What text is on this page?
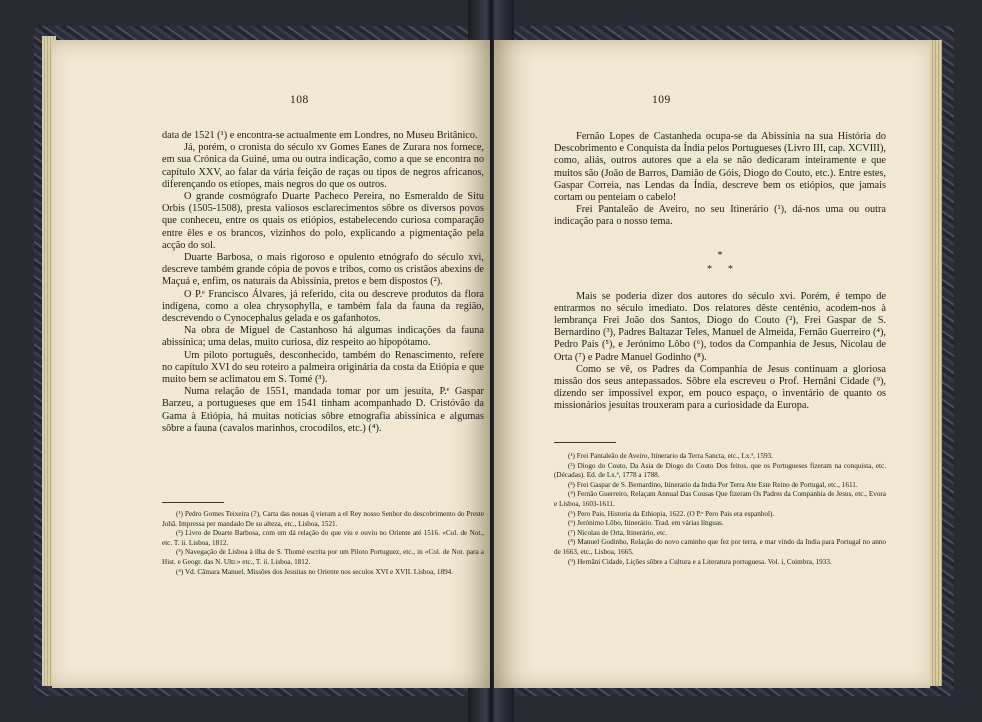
108

data de 1521 (¹) e encontra-se actualmente em Londres, no Museu Britânico.

Já, porém, o cronista do século xv Gomes Eanes de Zurara nos fornece, em sua Crónica da Guiné, uma ou outra indicação, como a que se encontra no capítulo XXV, ao falar da vária feição de raças ou tipos de negros africanos, diferençando os etíopes, mais negros do que os outros.

O grande cosmógrafo Duarte Pacheco Pereira, no Esmeraldo de Situ Orbis (1505-1508), presta valiosos esclarecimentos sôbre os diversos povos que conheceu, entre os quais os etiópios, estabelecendo curiosa comparação entre êles e os brancos, vizinhos do polo, explicando a pigmentação pela acção do sol.

Duarte Barbosa, o mais rigoroso e opulento etnógrafo do século xvi, descreve também grande cópia de povos e tribos, como os cristãos abexins de Maçuá e, enfim, os naturais da Abissínia, pretos e bem dispostos (²).

O P.ᵉ Francisco Álvares, já referido, cita ou descreve produtos da flora indígena, como a olea chrysophylla, e também fala da fauna da região, descrevendo o Cynocephalus gelada e os gafanhotos.

Na obra de Miguel de Castanhoso há algumas indicações da fauna abissínica; uma delas, muito curiosa, diz respeito ao hipopótamo.

Um piloto português, desconhecido, também do Renascimento, refere no capítulo XVI do seu roteiro a palmeira originária da costa da Etiópia e que muito bem se aclimatou em S. Tomé (³).

Numa relação de 1551, mandada tomar por um jesuíta, P.ᵉ Gaspar Barzeu, a portugueses que em 1541 tinham acompanhado D. Cristóvão da Gama à Etiópia, há muitas notícias sôbre etnografia abissínica e algumas sôbre a fauna (cavalos marinhos, crocodilos, etc.) (⁴).

(¹) Pedro Gomes Teixeira (?), Carta das nouas q̃ vieram a el Rey nosso Senhor do descobrimento do Preste Johã. Impressa per mandado De su alteza, etc., Lisboa, 1521.

(²) Livro de Duarte Barbosa, com um dá relação do que viu e ouviu no Oriente até 1516. «Col. de Not., etc. T. ii. Lisboa, 1812.

(³) Navegação de Lisboa à ilha de S. Thomé escrita por um Piloto Portuguez, etc., in «Col. de Not. para a Hist. e Geogr. das N. Ultr.» etc., T. ii. Lisboa, 1812.

(⁴) Vd. Câmara Manuel, Missões dos Jesuitas no Oriente nos seculos XVI e XVII. Lisboa, 1894.

109

Fernão Lopes de Castanheda ocupa-se da Abissínia na sua História do Descobrimento e Conquista da Índia pelos Portugueses (Livro III, cap. XCVIII), como, aliás, outros autores que a ela se não dedicaram inteiramente e que muitos são (João de Barros, Damião de Góis, Diogo do Couto, etc.). Entre estes, Gaspar Correia, nas Lendas da Índia, descreve bem os etiópios, que jamais cortam ou penteiam o cabelo!

Frei Pantaleão de Aveiro, no seu Itinerário (¹), dá-nos uma ou outra indicação para o nosso tema.

*
* *

Mais se poderia dizer dos autores do século xvi. Porém, é tempo de entrarmos no século imediato. Dos relatores dêste centénio, acodem-nos à lembrança Frei João dos Santos, Diogo do Couto (²), Frei Gaspar de S. Bernardino (³), Padres Baltazar Teles, Manuel de Almeida, Fernão Guerreiro (⁴), Pedro Pais (⁵), e Jerónimo Lôbo (⁶), todos da Companhia de Jesus, Nicolau de Orta (⁷) e Padre Manuel Godinho (⁸).

Como se vê, os Padres da Companhia de Jesus continuam a gloriosa missão dos seus antepassados. Sôbre ela escreveu o Prof. Hernâni Cidade (⁹), dizendo ser impossível expor, em pouco espaço, o inventário de quanto os missionários jesuítas trouxeram para a curiosidade da Europa.

(¹) Frei Pantaleão de Aveiro, Itinerario da Terra Sancta, etc., Lx.ª, 1593.

(²) Diogo do Couto, Da Asia de Diogo do Couto Dos feitos, que os Portugueses fizeram na conquista, etc. (Décadas). Ed. de Lx.ª, 1778 a 1788.

(³) Frei Gaspar de S. Bernardino, Itinerario da India Por Terra Ate Este Reino de Portugal, etc., 1611.

(⁴) Fernão Guerreiro, Relaçam Annual Das Cousas Que fizeram Os Padres da Companhia de Jesus, etc., Evora e Lisboa, 1603-1611.

(⁵) Pero Pais, Historia da Ethiopia, 1622. (O P.ᵉ Pero Pais era espanhol).

(⁶) Jerónimo Lôbo, Itinerário. Trad. em várias línguas.

(⁷) Nicolau de Orta, Itinerário, etc.

(⁸) Manuel Godinho, Relação do novo caminho que fez por terra, e mar vindo da India para Portugal no anno de 1663, etc., Lisboa, 1665.

(⁹) Hernâni Cidade, Lições sôbre a Cultura e a Literatura portuguesa. Vol. i, Coimbra, 1933.
